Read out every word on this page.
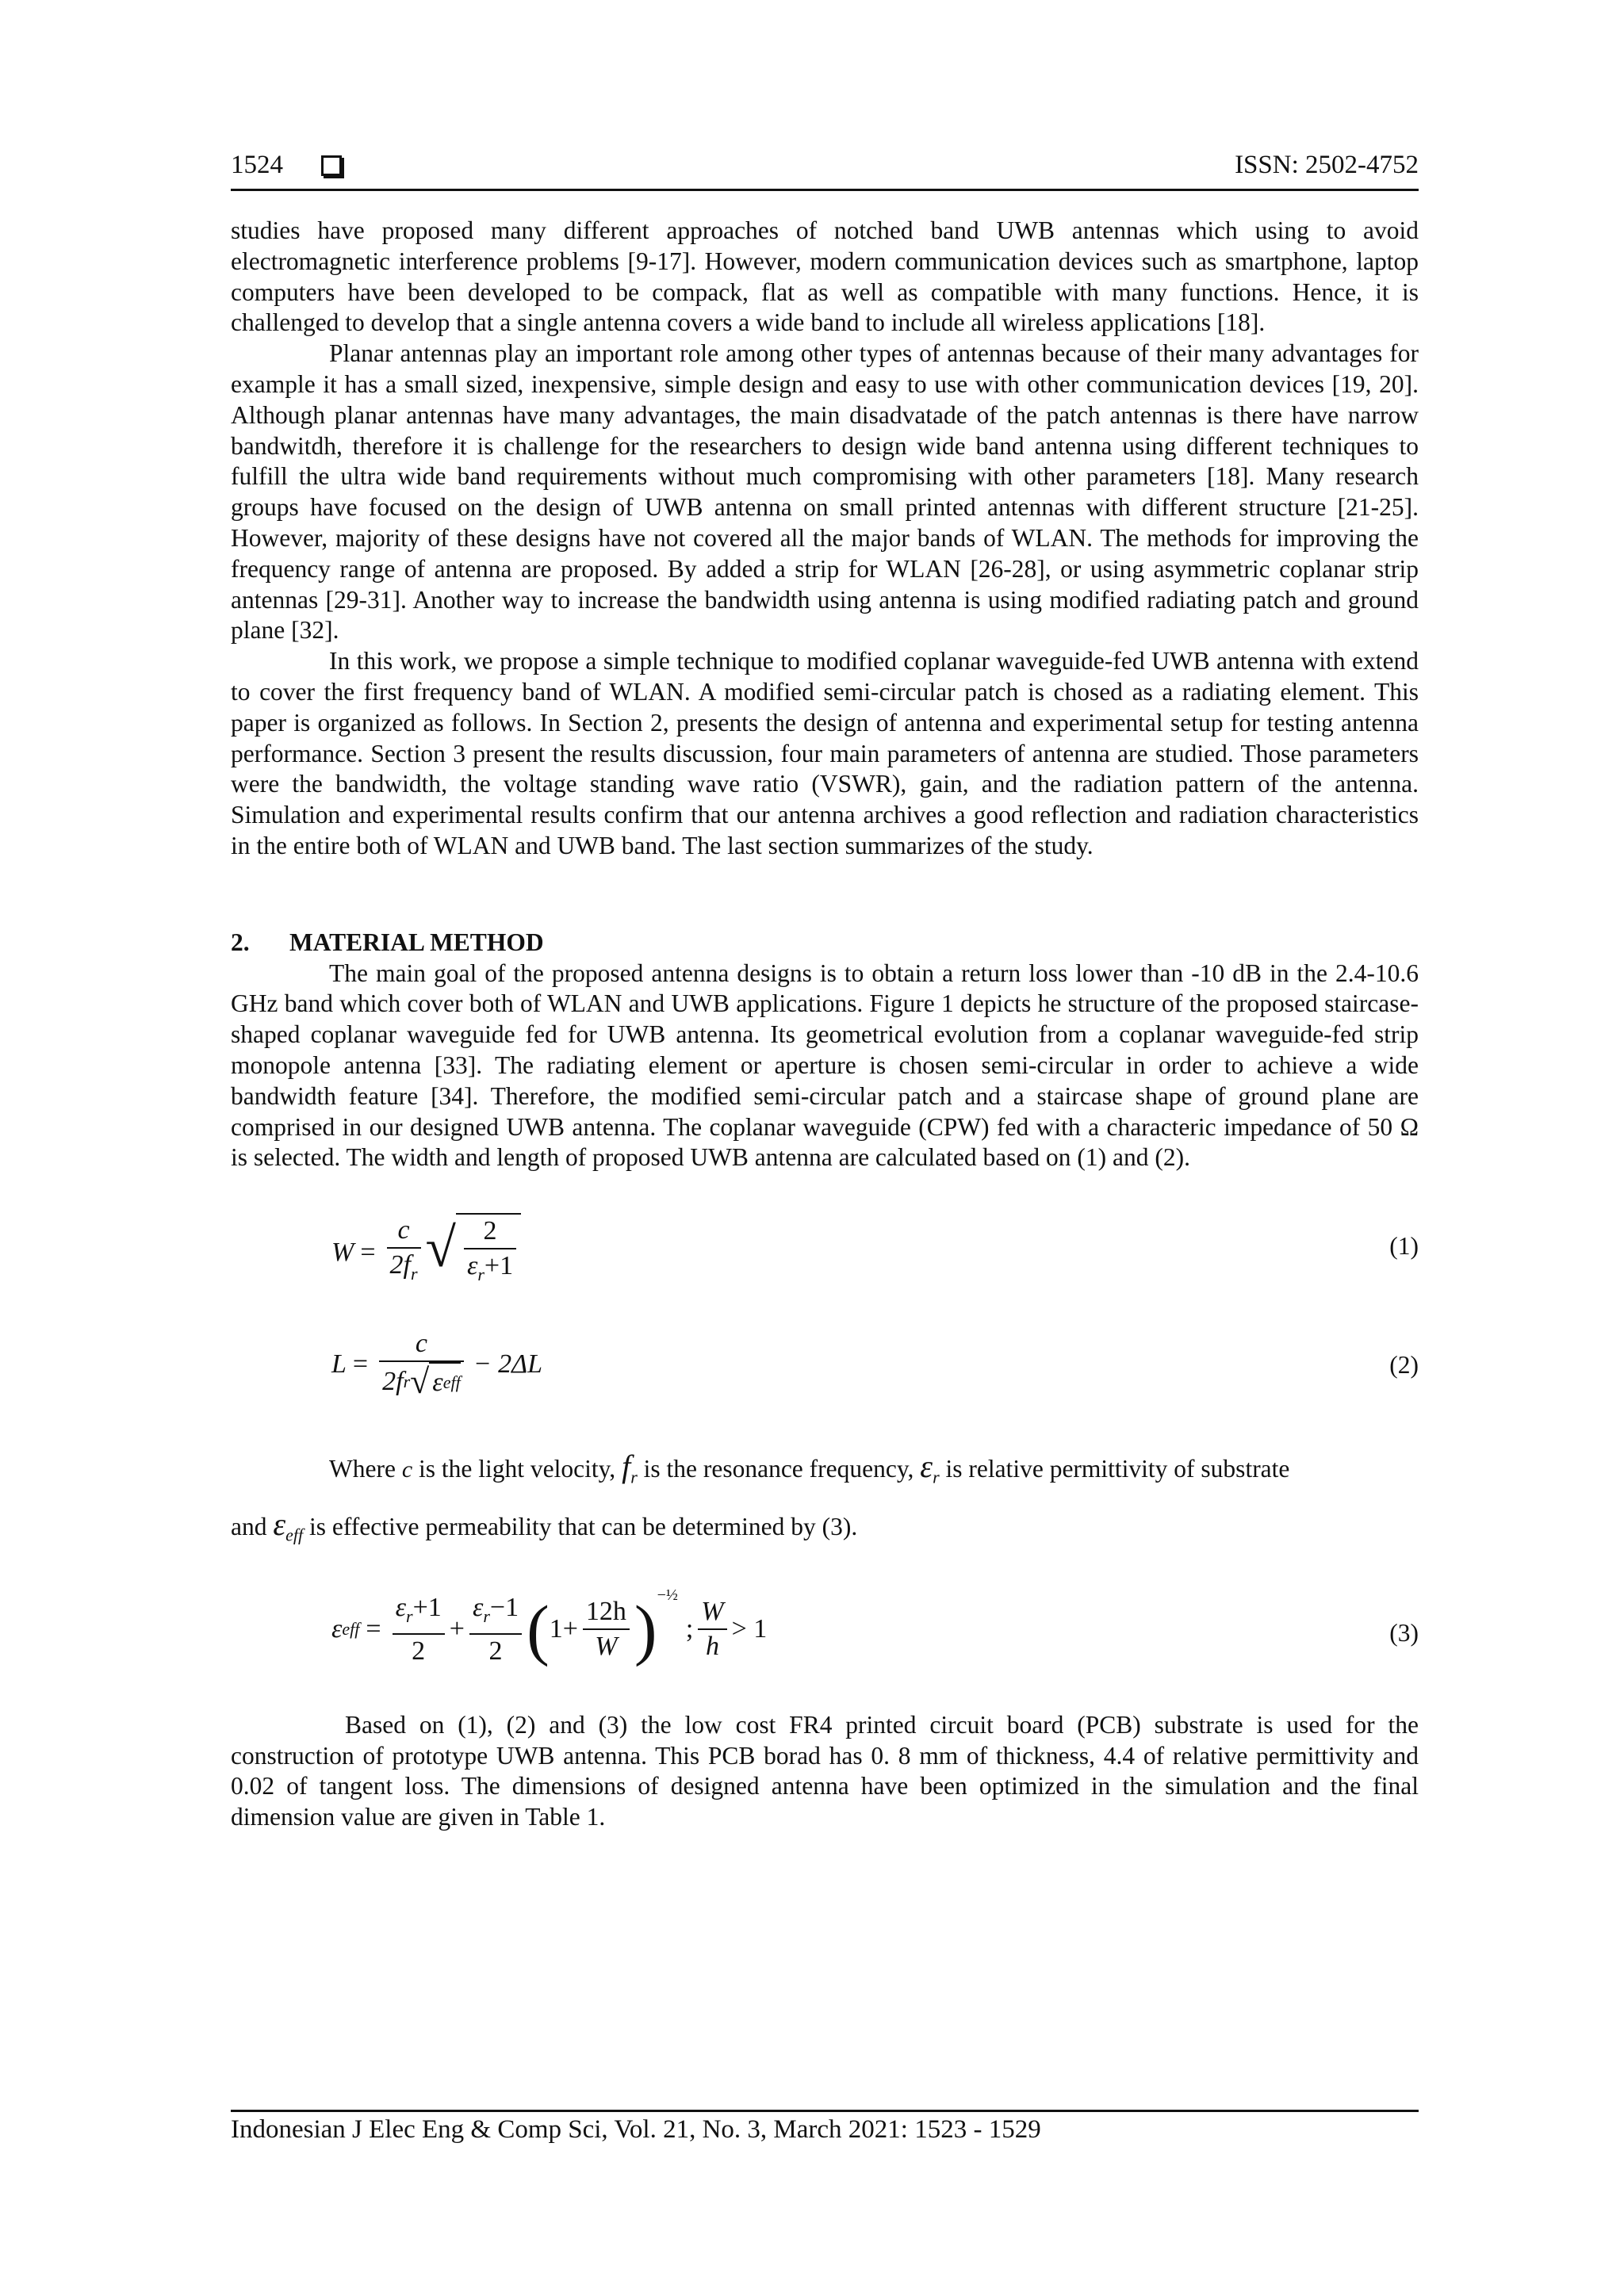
1524	ISSN: 2502-4752

studies have proposed many different approaches of notched band UWB antennas which using to avoid electromagnetic interference problems [9-17]. However, modern communication devices such as smartphone, laptop computers have been developed to be compack, flat as well as compatible with many functions. Hence, it is challenged to develop that a single antenna covers a wide band to include all wireless applications [18].

Planar antennas play an important role among other types of antennas because of their many advantages for example it has a small sized, inexpensive, simple design and easy to use with other communication devices [19, 20]. Although planar antennas have many advantages, the main disadvatade of the patch antennas is there have narrow bandwitdh, therefore it is challenge for the researchers to design wide band antenna using different techniques to fulfill the ultra wide band requirements without much compromising with other parameters [18]. Many research groups have focused on the design of UWB antenna on small printed antennas with different structure [21-25]. However, majority of these designs have not covered all the major bands of WLAN. The methods for improving the frequency range of antenna are proposed. By added a strip for WLAN [26-28], or using asymmetric coplanar strip antennas [29-31]. Another way to increase the bandwidth using antenna is using modified radiating patch and ground plane [32].

In this work, we propose a simple technique to modified coplanar waveguide-fed UWB antenna with extend to cover the first frequency band of WLAN. A modified semi-circular patch is chosed as a radiating element. This paper is organized as follows. In Section 2, presents the design of antenna and experimental setup for testing antenna performance. Section 3 present the results discussion, four main parameters of antenna are studied. Those parameters were the bandwidth, the voltage standing wave ratio (VSWR), gain, and the radiation pattern of the antenna. Simulation and experimental results confirm that our antenna archives a good reflection and radiation characteristics in the entire both of WLAN and UWB band. The last section summarizes of the study.

2. MATERIAL METHOD

The main goal of the proposed antenna designs is to obtain a return loss lower than -10 dB in the 2.4-10.6 GHz band which cover both of WLAN and UWB applications. Figure 1 depicts he structure of the proposed staircase-shaped coplanar waveguide fed for UWB antenna. Its geometrical evolution from a coplanar waveguide-fed strip monopole antenna [33]. The radiating element or aperture is chosen semi-circular in order to achieve a wide bandwidth feature [34]. Therefore, the modified semi-circular patch and a staircase shape of ground plane are comprised in our designed UWB antenna. The coplanar waveguide (CPW) fed with a characteric impedance of 50 Ω is selected. The width and length of proposed UWB antenna are calculated based on (1) and (2).

$W = \frac{c}{2f_r}$ √ $\frac{2}{\varepsilon_r+1}$	(1)
$L = \frac{c}{\text{2f r √ ε eff}} - 2\Delta L$	(2)

Where c is the light velocity, $f_r$ is the resonance frequency, $\varepsilon_r$ is relative permittivity of substrate

and $\varepsilon_{eff}$ is effective permeability that can be determined by (3).

ε eff = $\frac{\varepsilon_r+1}{2} + \frac{\varepsilon_r-1}{2}$ ( $1+ \frac{12h}{W}$ ) −½
; $\frac{W}{h} > 1$	(3)

Based on (1), (2) and (3) the low cost FR4 printed circuit board (PCB) substrate is used for the construction of prototype UWB antenna. This PCB borad has 0. 8 mm of thickness, 4.4 of relative permittivity and 0.02 of tangent loss. The dimensions of designed antenna have been optimized in the simulation and the final dimension value are given in Table 1.

Indonesian J Elec Eng & Comp Sci, Vol. 21, No. 3, March 2021: 1523 - 1529
